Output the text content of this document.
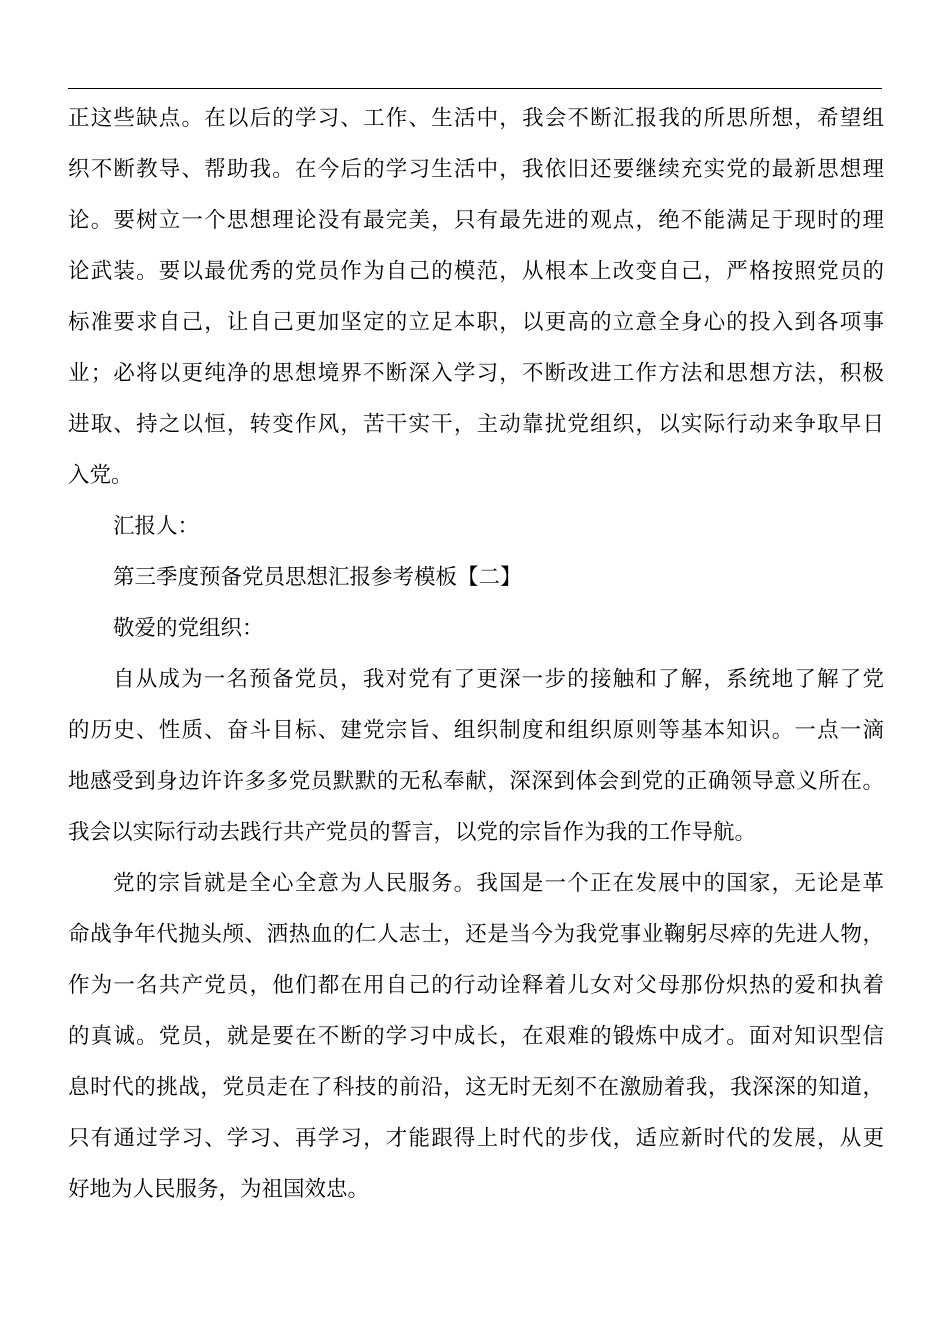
正这些缺点。在以后的学习、工作、生活中，我会不断汇报我的所思所想，希望组
织不断教导、帮助我。在今后的学习生活中，我依旧还要继续充实党的最新思想理
论。要树立一个思想理论没有最完美，只有最先进的观点，绝不能满足于现时的理
论武装。要以最优秀的党员作为自己的模范，从根本上改变自己，严格按照党员的
标准要求自己，让自己更加坚定的立足本职，以更高的立意全身心的投入到各项事
业；必将以更纯净的思想境界不断深入学习，不断改进工作方法和思想方法，积极
进取、持之以恒，转变作风，苦干实干，主动靠扰党组织，以实际行动来争取早日
入党。
汇报人：
第三季度预备党员思想汇报参考模板【二】
敬爱的党组织：
自从成为一名预备党员，我对党有了更深一步的接触和了解，系统地了解了党
的历史、性质、奋斗目标、建党宗旨、组织制度和组织原则等基本知识。一点一滴
地感受到身边许许多多党员默默的无私奉献，深深到体会到党的正确领导意义所在。
我会以实际行动去践行共产党员的誓言，以党的宗旨作为我的工作导航。
党的宗旨就是全心全意为人民服务。我国是一个正在发展中的国家，无论是革
命战争年代抛头颅、洒热血的仁人志士，还是当今为我党事业鞠躬尽瘁的先进人物，
作为一名共产党员，他们都在用自己的行动诠释着儿女对父母那份炽热的爱和执着
的真诚。党员，就是要在不断的学习中成长，在艰难的锻炼中成才。面对知识型信
息时代的挑战，党员走在了科技的前沿，这无时无刻不在激励着我，我深深的知道，
只有通过学习、学习、再学习，才能跟得上时代的步伐，适应新时代的发展，从更
好地为人民服务，为祖国效忠。
